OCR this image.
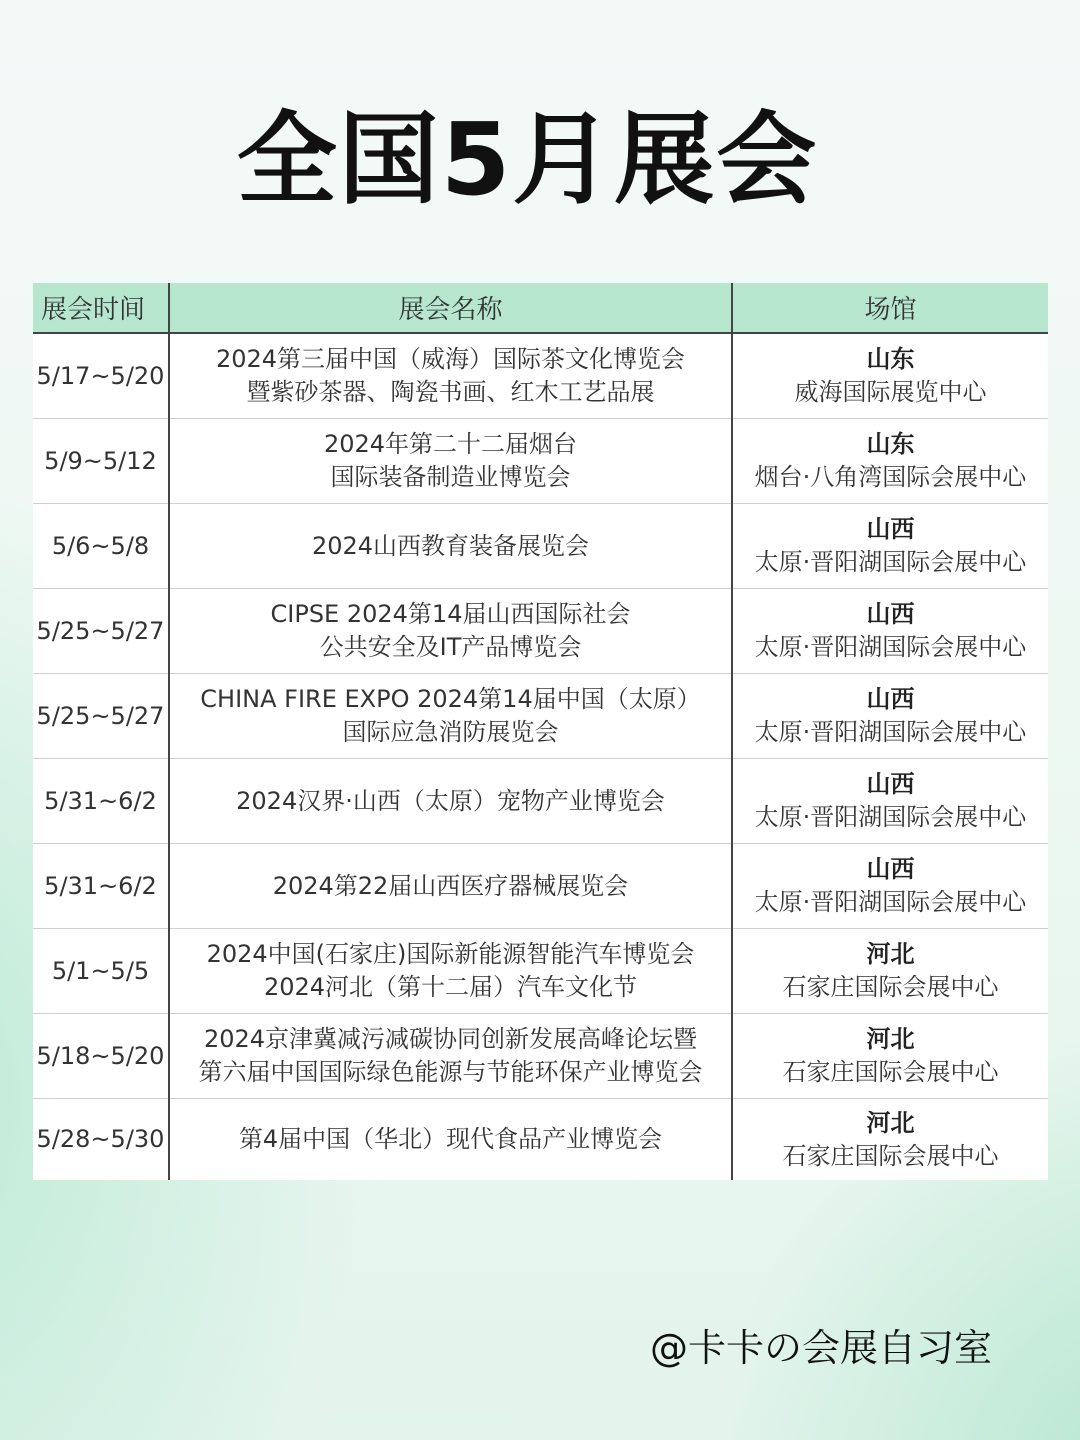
全国5月展会
展会时间	展会名称	场馆
5/17~5/20	2024第三届中国（威海）国际茶文化博览会
暨紫砂茶器、陶瓷书画、红木工艺品展	山东
威海国际展览中心

5/9~5/12	2024年第二十二届烟台
国际装备制造业博览会	山东
烟台·八角湾国际会展中心

5/6~5/8	2024山西教育装备展览会	山西
太原·晋阳湖国际会展中心

5/25~5/27	CIPSE 2024第14届山西国际社会
公共安全及IT产品博览会	山西
太原·晋阳湖国际会展中心

5/25~5/27	CHINA FIRE EXPO 2024第14届中国（太原）
国际应急消防展览会	山西
太原·晋阳湖国际会展中心

5/31~6/2	2024汉界·山西（太原）宠物产业博览会	山西
太原·晋阳湖国际会展中心

5/31~6/2	2024第22届山西医疗器械展览会	山西
太原·晋阳湖国际会展中心

5/1~5/5	2024中国(石家庄)国际新能源智能汽车博览会
2024河北（第十二届）汽车文化节	河北
石家庄国际会展中心

5/18~5/20	2024京津冀减污减碳协同创新发展高峰论坛暨
第六届中国国际绿色能源与节能环保产业博览会	河北
石家庄国际会展中心

5/28~5/30	第4届中国（华北）现代食品产业博览会	河北
石家庄国际会展中心
@卡卡の会展自习室
